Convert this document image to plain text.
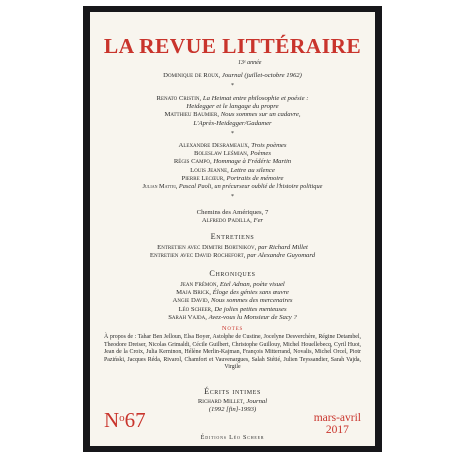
LA REVUE LITTÉRAIRE
13ᵉ année
Dominique de Roux, Journal (juillet-octobre 1962)
*
Renato Cristin, La Heimat entre philosophie et poésie :
Heidegger et le langage du propre
Matthieu Baumier, Nous sommes sur un cadavre,
L'Après-Heidegger/Gadamer
*
Alexandre Desrameaux, Trois poèmes
Boleslaw Leśmian, Poèmes
Régis Campo, Hommage à Frédéric Martin
Louis Jeanne, Lettre au silence
Pierre Lecœur, Portraits de mémoire
Julian Mattei, Pascal Paoli, un précurseur oublié de l'histoire politique
*
Chemins des Amériques, 7
Alfredo Padilla, Fer
Entretiens
Entretien avec Dimitri Bortnikov, par Richard Millet
Entretien avec David Rochefort, par Alexandre Guyomard
Chroniques
Jean Frémon, Etel Adnan, poète visuel
Maja Brick, Éloge des génies sans œuvre
Angie David, Nous sommes des mercenaires
Léo Scheer, De jolies petites menteuses
Sarah Vajda, Avez-vous lu Monsieur de Sacy ?
Notes
À propos de : Tahar Ben Jelloun, Elsa Boyer, Astolphe de Custine, Jocelyne Desverchère, Régine Detambel, Theodore Dreiser, Nicolas Grimaldi, Cécile Guilbert, Christophe Guillouy, Michel Houellebecq, Cyril Huot, Jean de la Croix, Julia Kerninon, Hélène Merlin-Kajman, François Mitterrand, Novalis, Michel Orcel, Piotr Paziński, Jacques Réda, Rivarol, Chamfort et Vauvenargues, Salah Stétié, Julien Teyssandier, Sarah Vajda, Virgile
Écrits intimes
Richard Millet, Journal
(1992 [fin]-1993)
$N^o67$	mars-avril
2017
Éditions Léo Scheer
